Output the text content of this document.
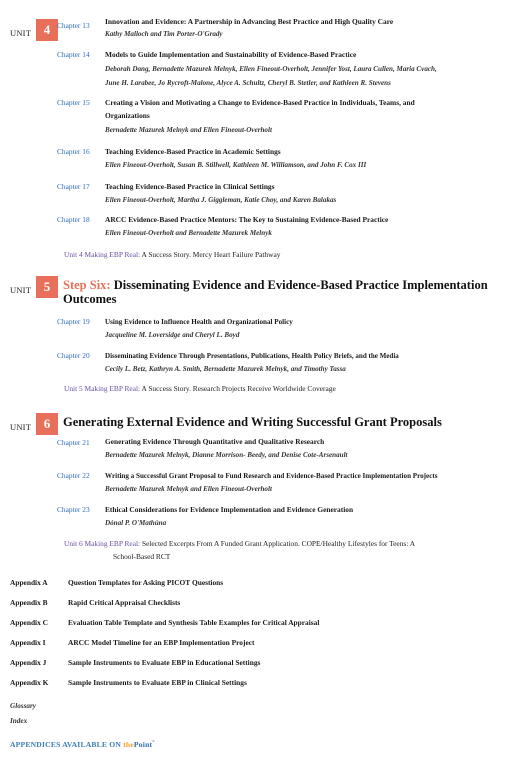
UNIT 4 Chapter 13 Innovation and Evidence: A Partnership in Advancing Best Practice and High Quality Care
Kathy Malloch and Tim Porter-O'Grady
Chapter 14 Models to Guide Implementation and Sustainability of Evidence-Based Practice
Deborah Dang, Bernadette Mazurek Melnyk, Ellen Fineout-Overholt, Jennifer Yost, Laura Cullen, Maria Cvach,
June H. Larabee, Jo Rycroft-Malone, Alyce A. Schultz, Cheryl B. Stetler, and Kathleen R. Stevens
Chapter 15 Creating a Vision and Motivating a Change to Evidence-Based Practice in Individuals, Teams, and
Organizations
Bernadette Mazurek Melnyk and Ellen Fineout-Overholt
Chapter 16 Teaching Evidence-Based Practice in Academic Settings
Ellen Fineout-Overholt, Susan B. Stillwell, Kathleen M. Williamson, and John F. Cox III
Chapter 17 Teaching Evidence-Based Practice in Clinical Settings
Ellen Fineout-Overholt, Martha J. Giggleman, Katie Choy, and Karen Balakas
Chapter 18 ARCC Evidence-Based Practice Mentors: The Key to Sustaining Evidence-Based Practice
Ellen Fineout-Overholt and Bernadette Mazurek Melnyk
Unit 4 Making EBP Real: A Success Story. Mercy Heart Failure Pathway
UNIT 5	Step Six: Disseminating Evidence and Evidence-Based Practice Implementation
Outcomes
Chapter 19 Using Evidence to Influence Health and Organizational Policy
Jacqueline M. Loversidge and Cheryl L. Boyd
Chapter 20 Disseminating Evidence Through Presentations, Publications, Health Policy Briefs, and the Media
Cecily L. Betz, Kathryn A. Smith, Bernadette Mazurek Melnyk, and Timothy Tassa
Unit 5 Making EBP Real: A Success Story. Research Projects Receive Worldwide Coverage
UNIT 6	Generating External Evidence and Writing Successful Grant Proposals
Chapter 21 Generating Evidence Through Quantitative and Qualitative Research
Bernadette Mazurek Melnyk, Dianne Morrison- Beedy, and Denise Cote-Arsenault
Chapter 22 Writing a Successful Grant Proposal to Fund Research and Evidence-Based Practice Implementation Projects
Bernadette Mazurek Melnyk and Ellen Fineout-Overholt
Chapter 23 Ethical Considerations for Evidence Implementation and Evidence Generation
Dónal P. O'Mathúna
Unit 6 Making EBP Real: Selected Excerpts From A Funded Grant Application. COPE/Healthy Lifestyles for Teens: A
School-Based RCT
Appendix A	Question Templates for Asking PICOT Questions
Appendix B	Rapid Critical Appraisal Checklists
Appendix C	Evaluation Table Template and Synthesis Table Examples for Critical Appraisal
Appendix I	ARCC Model Timeline for an EBP Implementation Project
Appendix J	Sample Instruments to Evaluate EBP in Educational Settings
Appendix K	Sample Instruments to Evaluate EBP in Clinical Settings
Glossary
Index
APPENDICES AVAILABLE ON thePoint°
